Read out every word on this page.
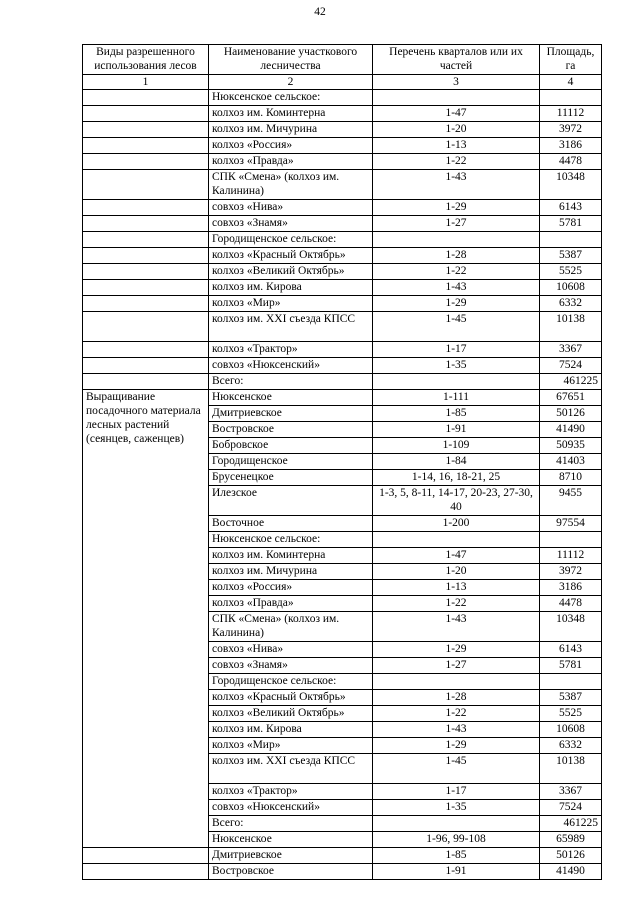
42
Виды разрешенного использования лесов	Наименование участкового лесничества	Перечень кварталов или их частей	Площадь, га
1	2	3	4
	Нюксенское сельское:		
	колхоз им. Коминтерна	1-47	11112
	колхоз им. Мичурина	1-20	3972
	колхоз «Россия»	1-13	3186
	колхоз «Правда»	1-22	4478
	СПК «Смена» (колхоз им. Калинина)	1-43	10348
	совхоз «Нива»	1-29	6143
	совхоз «Знамя»	1-27	5781
	Городищенское сельское:		
	колхоз «Красный Октябрь»	1-28	5387
	колхоз «Великий Октябрь»	1-22	5525
	колхоз им. Кирова	1-43	10608
	колхоз «Мир»	1-29	6332
	колхоз им. XXI съезда КПСС	1-45	10138
	колхоз «Трактор»	1-17	3367
	совхоз «Нюксенский»	1-35	7524
	Всего:		461225
Выращивание посадочного материала лесных растений (сеянцев, саженцев)	Нюксенское	1-111	67651
	Дмитриевское	1-85	50126
	Востровское	1-91	41490
	Бобровское	1-109	50935
	Городищенское	1-84	41403
	Брусенецкое	1-14, 16, 18-21, 25	8710
	Илезское	1-3, 5, 8-11, 14-17, 20-23, 27-30, 40	9455
	Восточное	1-200	97554
	Нюксенское сельское:		
	колхоз им. Коминтерна	1-47	11112
	колхоз им. Мичурина	1-20	3972
	колхоз «Россия»	1-13	3186
	колхоз «Правда»	1-22	4478
	СПК «Смена» (колхоз им. Калинина)	1-43	10348
	совхоз «Нива»	1-29	6143
	совхоз «Знамя»	1-27	5781
	Городищенское сельское:		
	колхоз «Красный Октябрь»	1-28	5387
	колхоз «Великий Октябрь»	1-22	5525
	колхоз им. Кирова	1-43	10608
	колхоз «Мир»	1-29	6332
	колхоз им. XXI съезда КПСС	1-45	10138
	колхоз «Трактор»	1-17	3367
	совхоз «Нюксенский»	1-35	7524
	Всего:		461225
	Нюксенское	1-96, 99-108	65989
	Дмитриевское	1-85	50126
	Востровское	1-91	41490
